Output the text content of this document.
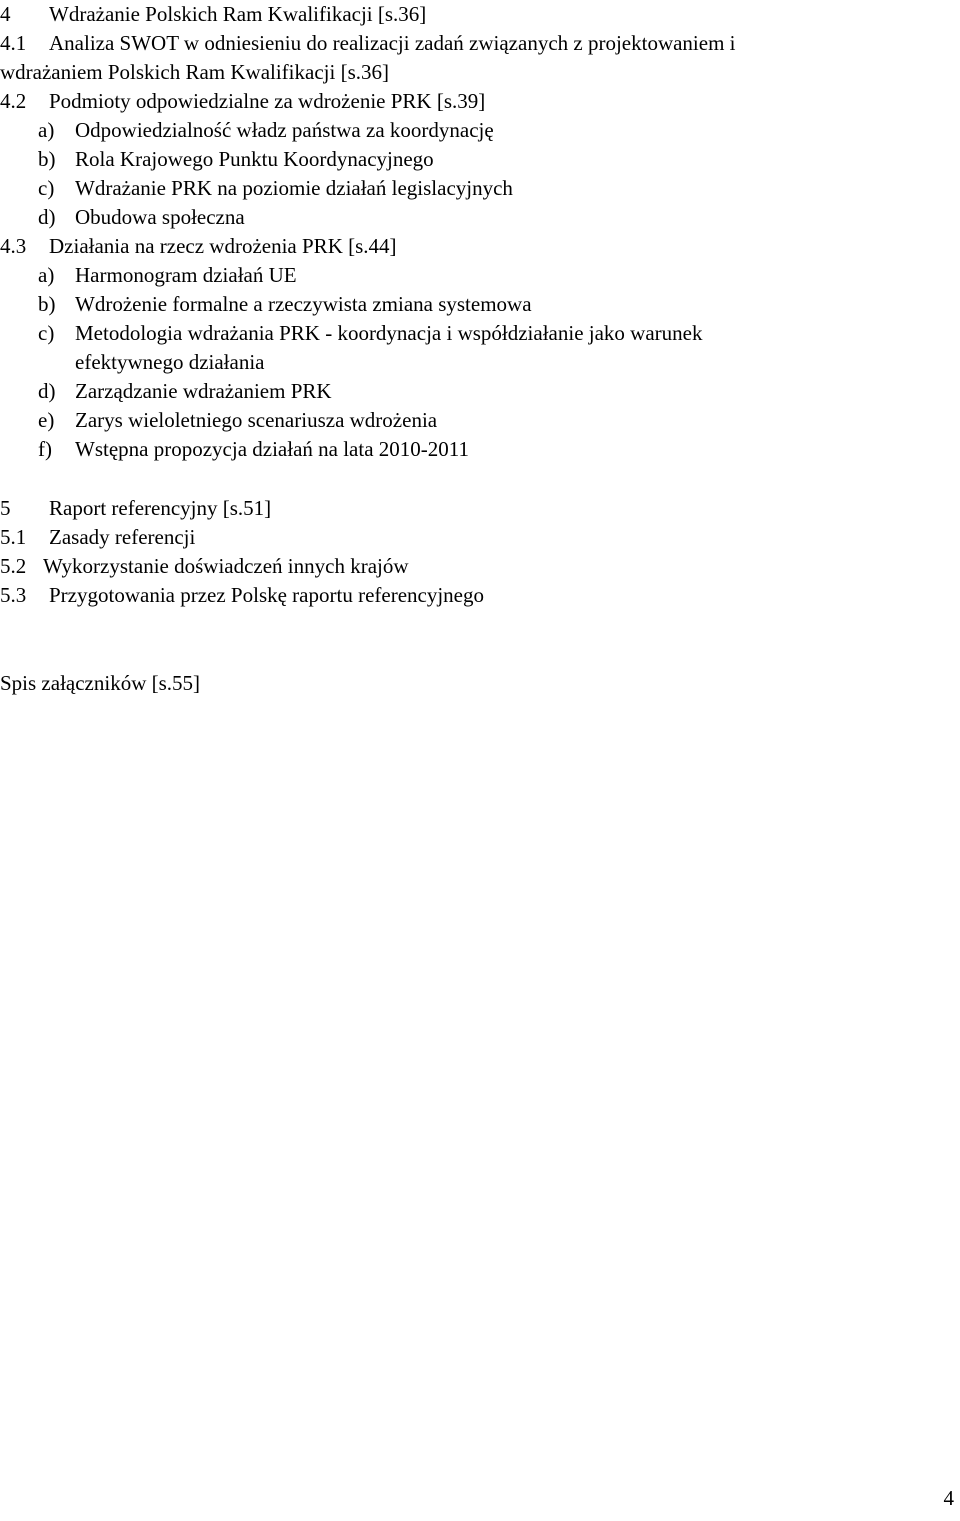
4 Wdrażanie Polskich Ram Kwalifikacji [s.36]
4.1 Analiza SWOT w odniesieniu do realizacji zadań związanych z projektowaniem i
wdrażaniem Polskich Ram Kwalifikacji [s.36]
4.2 Podmioty odpowiedzialne za wdrożenie PRK [s.39]
a) Odpowiedzialność władz państwa za koordynację
b) Rola Krajowego Punktu Koordynacyjnego
c) Wdrażanie PRK na poziomie działań legislacyjnych
d) Obudowa społeczna
4.3 Działania na rzecz wdrożenia PRK [s.44]
a) Harmonogram działań UE
b) Wdrożenie formalne a rzeczywista zmiana systemowa
c) Metodologia wdrażania PRK - koordynacja i współdziałanie jako warunek
efektywnego działania
d) Zarządzanie wdrażaniem PRK
e) Zarys wieloletniego scenariusza wdrożenia
f) Wstępna propozycja działań na lata 2010-2011
5 Raport referencyjny [s.51]
5.1 Zasady referencji
5.2 Wykorzystanie doświadczeń innych krajów
5.3 Przygotowania przez Polskę raportu referencyjnego
Spis załączników [s.55]
4
